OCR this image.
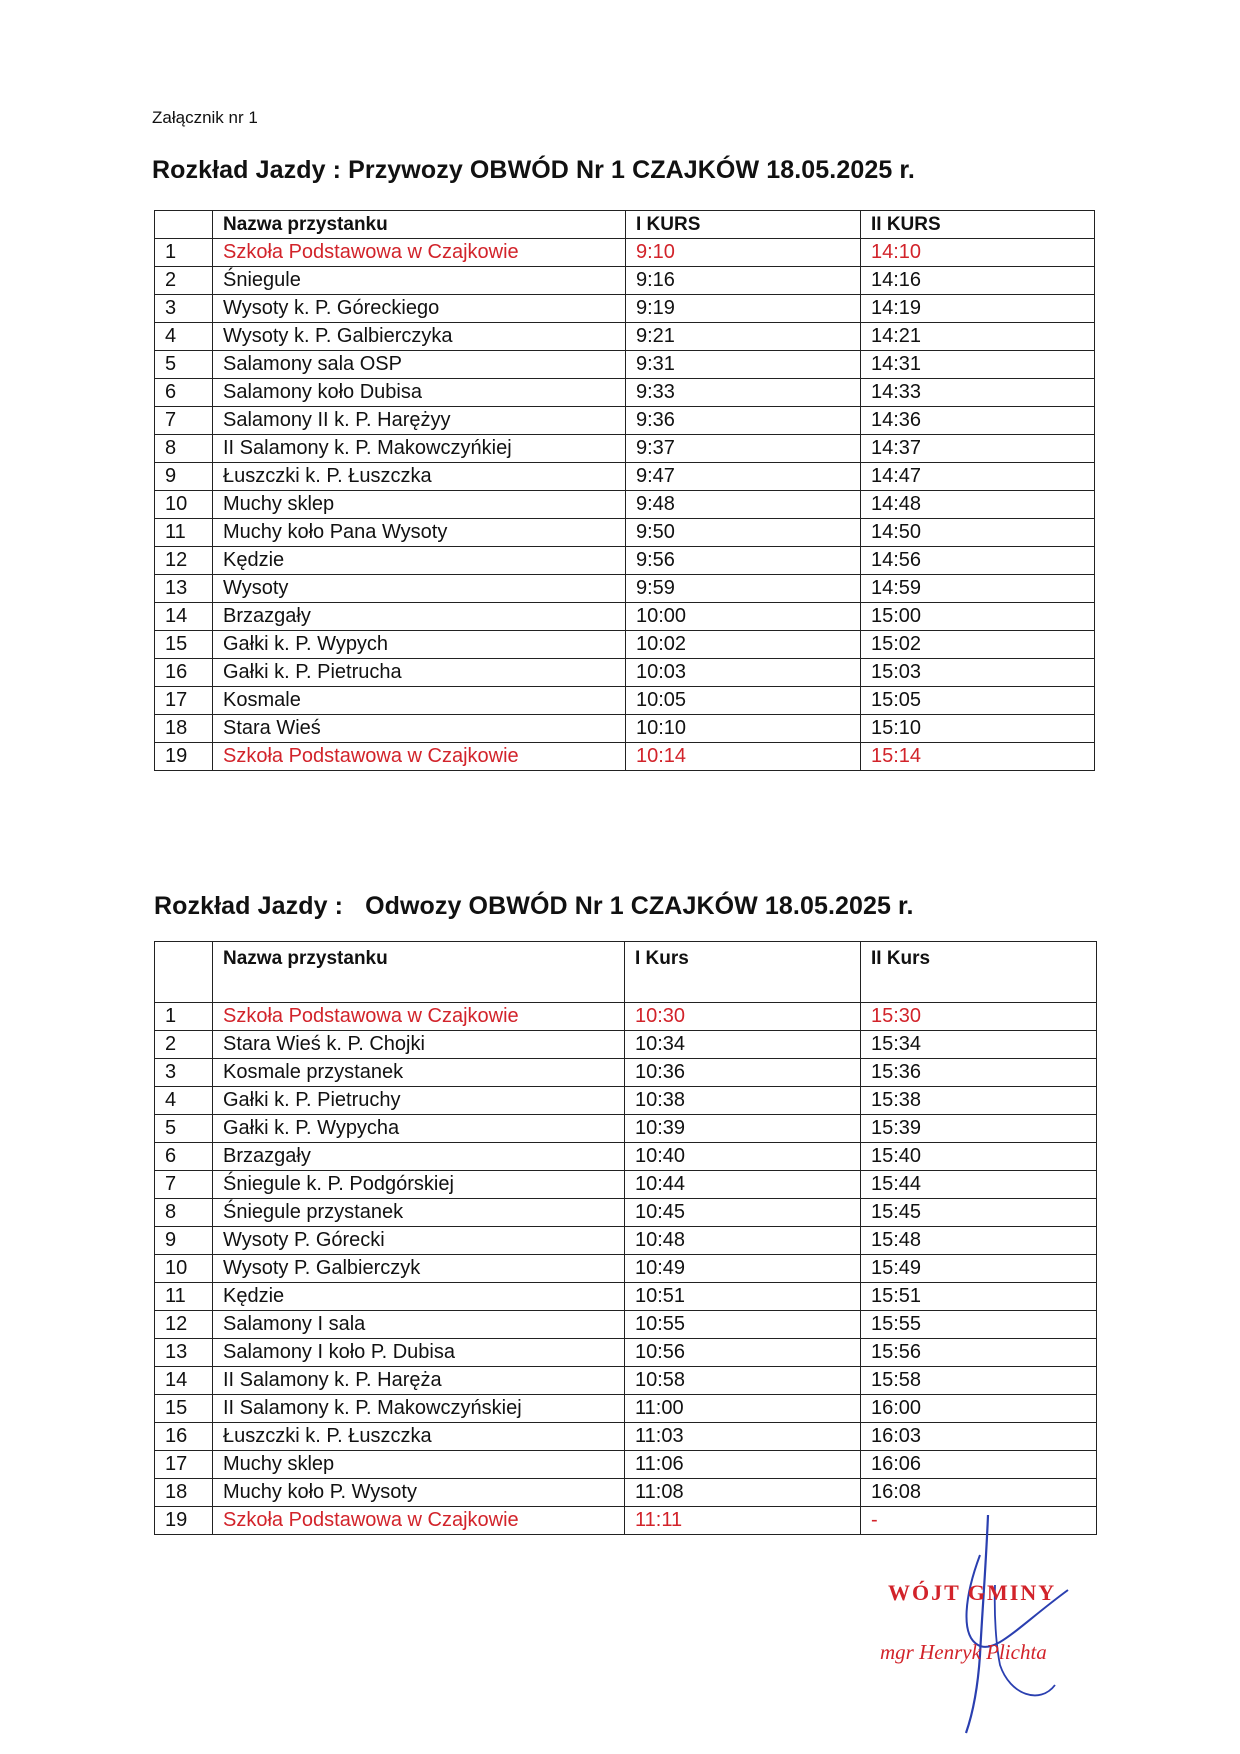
Załącznik nr 1
Rozkład Jazdy : Przywozy OBWÓD Nr 1 CZAJKÓW 18.05.2025 r.
	Nazwa przystanku	I KURS	II KURS
1	Szkoła Podstawowa w Czajkowie	9:10	14:10
2	Śniegule	9:16	14:16
3	Wysoty k. P. Góreckiego	9:19	14:19
4	Wysoty k. P. Galbierczyka	9:21	14:21
5	Salamony sala OSP	9:31	14:31
6	Salamony koło Dubisa	9:33	14:33
7	Salamony II k. P. Harężyy	9:36	14:36
8	II Salamony k. P. Makowczyńkiej	9:37	14:37
9	Łuszczki k. P. Łuszczka	9:47	14:47
10	Muchy sklep	9:48	14:48
11	Muchy koło Pana Wysoty	9:50	14:50
12	Kędzie	9:56	14:56
13	Wysoty	9:59	14:59
14	Brzazgały	10:00	15:00
15	Gałki k. P. Wypych	10:02	15:02
16	Gałki k. P. Pietrucha	10:03	15:03
17	Kosmale	10:05	15:05
18	Stara Wieś	10:10	15:10
19	Szkoła Podstawowa w Czajkowie	10:14	15:14
Rozkład Jazdy : Odwozy OBWÓD Nr 1 CZAJKÓW 18.05.2025 r.
	Nazwa przystanku	I Kurs	II Kurs
1	Szkoła Podstawowa w Czajkowie	10:30	15:30
2	Stara Wieś k. P. Chojki	10:34	15:34
3	Kosmale przystanek	10:36	15:36
4	Gałki k. P. Pietruchy	10:38	15:38
5	Gałki k. P. Wypycha	10:39	15:39
6	Brzazgały	10:40	15:40
7	Śniegule k. P. Podgórskiej	10:44	15:44
8	Śniegule przystanek	10:45	15:45
9	Wysoty P. Górecki	10:48	15:48
10	Wysoty P. Galbierczyk	10:49	15:49
11	Kędzie	10:51	15:51
12	Salamony I sala	10:55	15:55
13	Salamony I koło P. Dubisa	10:56	15:56
14	II Salamony k. P. Haręża	10:58	15:58
15	II Salamony k. P. Makowczyńskiej	11:00	16:00
16	Łuszczki k. P. Łuszczka	11:03	16:03
17	Muchy sklep	11:06	16:06
18	Muchy koło P. Wysoty	11:08	16:08
19	Szkoła Podstawowa w Czajkowie	11:11	-
WÓJT GMINY
mgr Henryk Plichta
